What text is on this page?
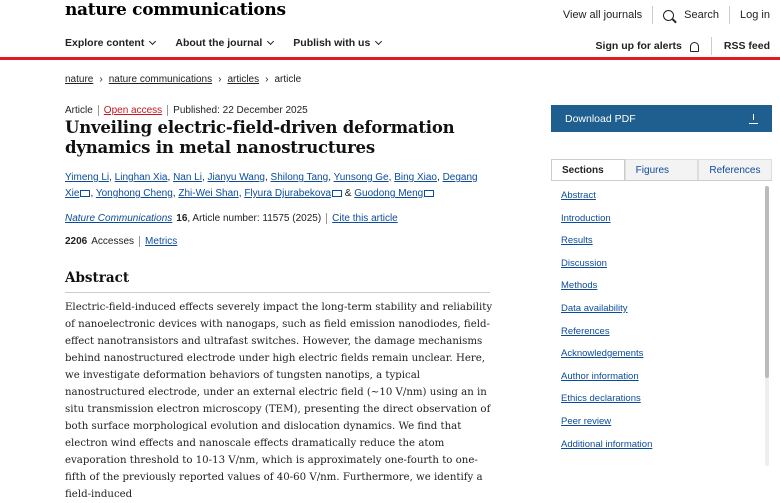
nature communications	View all journals	Search Log in
Explore content	About the journal	Publish with us	Sign up for alerts	RSS feed
nature › nature communications › articles › article
Article Open access Published: 22 December 2025
Unveiling electric-field-driven deformation dynamics in metal nanostructures
Yimeng Li, Linghan Xia, Nan Li, Jianyu Wang, Shilong Tang, Yunsong Ge, Bing Xiao, Degang Xie , Yonghong Cheng, Zhi-Wei Shan, Flyura Djurabekova & Guodong Meng
Nature Communications 16 , Article number: 11575 (2025) Cite this article
2206 Accesses Metrics
Abstract

Electric-field-induced effects severely impact the long-term stability and reliability of nanoelectronic devices with nanogaps, such as field emission nanodiodes, field-effect nanotransistors and ultrafast switches. However, the damage mechanisms behind nanostructured electrode under high electric fields remain unclear. Here, we investigate deformation behaviors of tungsten nanotips, a typical nanostructured electrode, under an external electric field (~10 V/nm) using an in situ transmission electron microscopy (TEM), presenting the direct observation of both surface morphological evolution and dislocation dynamics. We find that electron wind effects and nanoscale effects dramatically reduce the atom evaporation threshold to 10-13 V/nm, which is approximately one-fourth to one-fifth of the previously reported values of 40-60 V/nm. Furthermore, we identify a field-induced

Download PDF
Sections	Figures	References
Abstract
Introduction
Results
Discussion
Methods
Data availability
References
Acknowledgements
Author information
Ethics declarations
Peer review
Additional information
